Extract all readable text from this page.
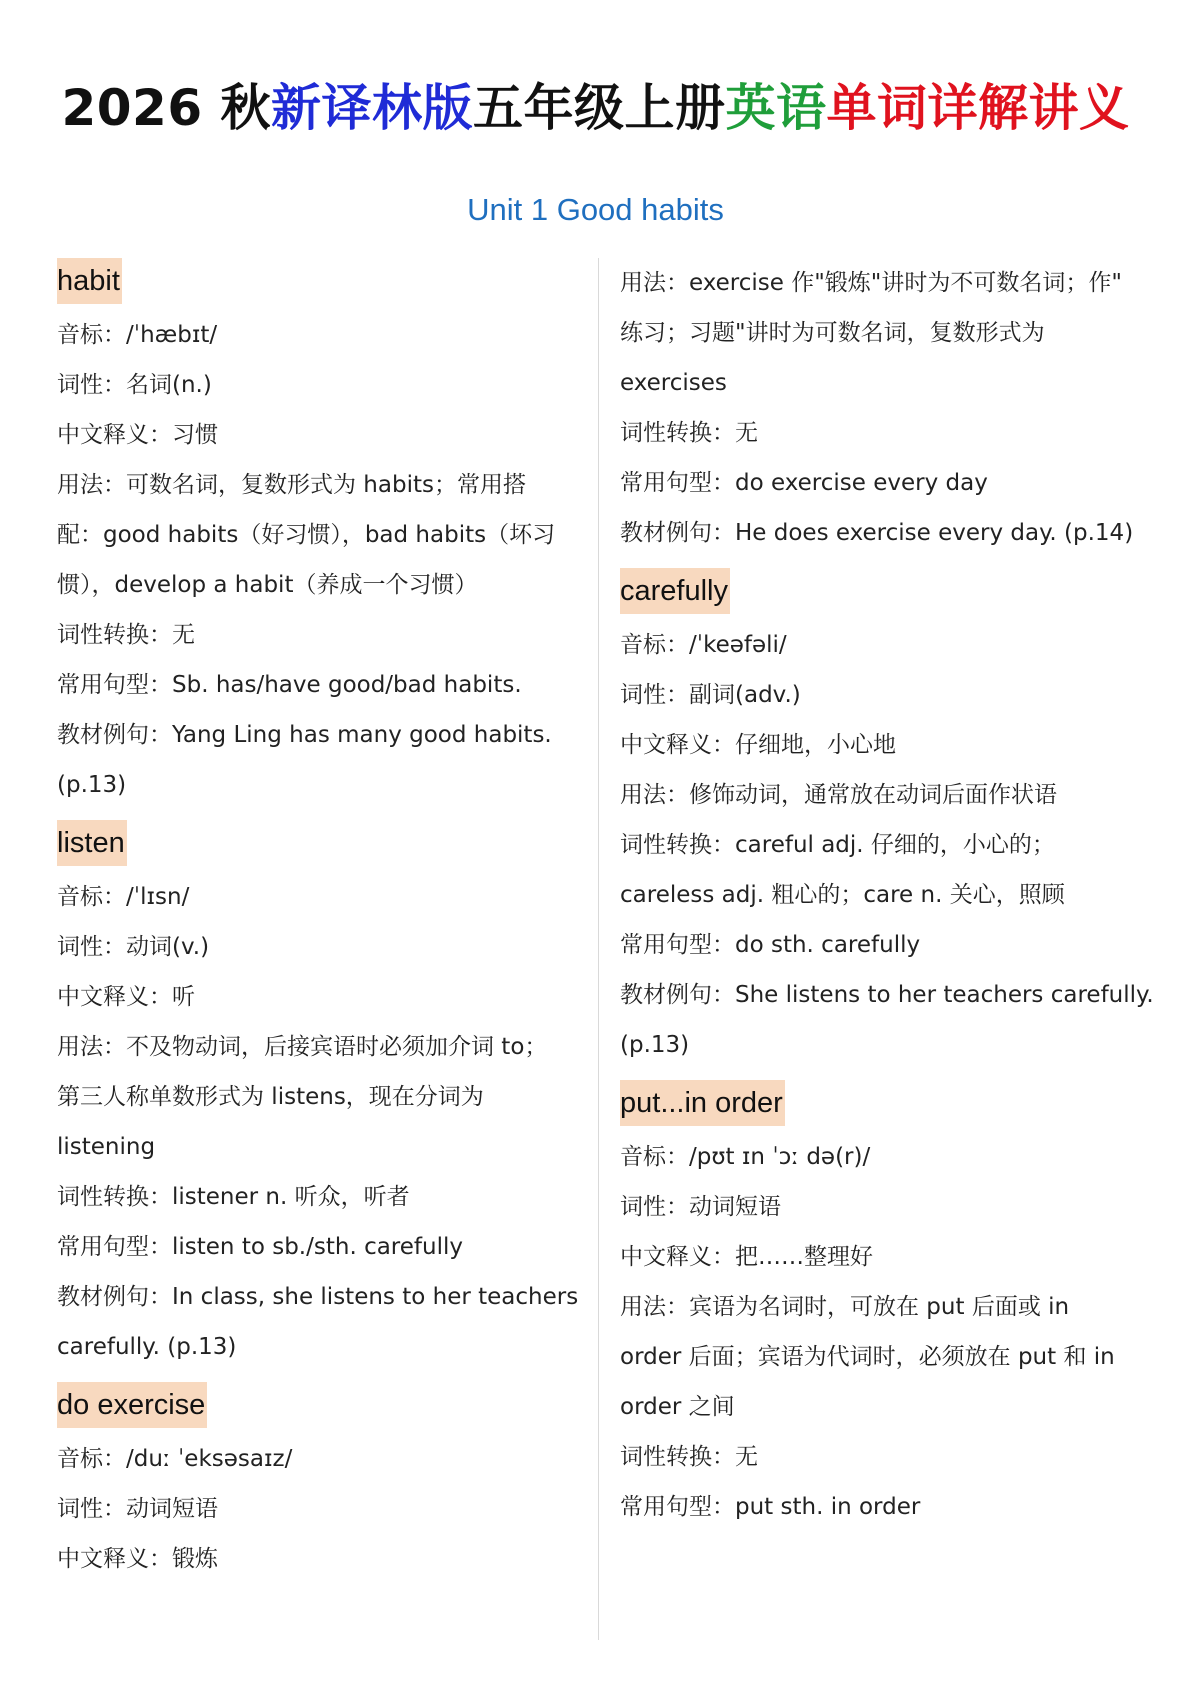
2026 秋新译林版五年级上册英语单词详解讲义
Unit 1 Good habits
habit
音标：/ˈhæbɪt/
词性：名词(n.)
中文释义：习惯
用法：可数名词，复数形式为 habits；常用搭
配：good habits（好习惯），bad habits（坏习
惯），develop a habit（养成一个习惯）
词性转换：无
常用句型：Sb. has/have good/bad habits.
教材例句：Yang Ling has many good habits.
(p.13)
listen
音标：/ˈlɪsn/
词性：动词(v.)
中文释义：听
用法：不及物动词，后接宾语时必须加介词 to；
第三人称单数形式为 listens，现在分词为
listening
词性转换：listener n. 听众，听者
常用句型：listen to sb./sth. carefully
教材例句：In class, she listens to her teachers
carefully. (p.13)
do exercise
音标：/duː ˈeksəsaɪz/
词性：动词短语
中文释义：锻炼
用法：exercise 作"锻炼"讲时为不可数名词；作"
练习；习题"讲时为可数名词，复数形式为
exercises
词性转换：无
常用句型：do exercise every day
教材例句：He does exercise every day. (p.14)
carefully
音标：/ˈkeəfəli/
词性：副词(adv.)
中文释义：仔细地，小心地
用法：修饰动词，通常放在动词后面作状语
词性转换：careful adj. 仔细的，小心的；
careless adj. 粗心的；care n. 关心，照顾
常用句型：do sth. carefully
教材例句：She listens to her teachers carefully.
(p.13)
put...in order
音标：/pʊt ɪn ˈɔː də(r)/
词性：动词短语
中文释义：把……整理好
用法：宾语为名词时，可放在 put 后面或 in
order 后面；宾语为代词时，必须放在 put 和 in
order 之间
词性转换：无
常用句型：put sth. in order
